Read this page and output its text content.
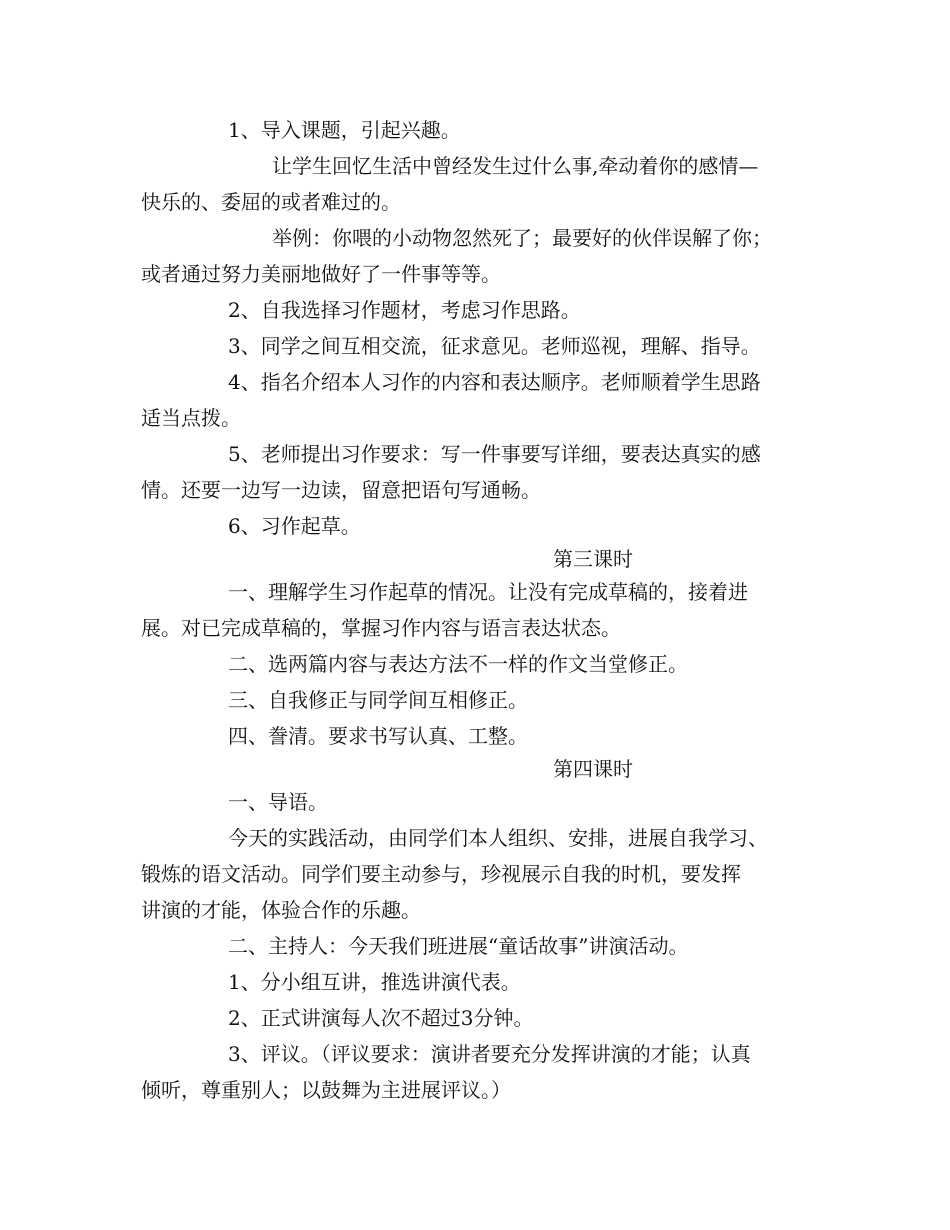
1、导入课题，引起兴趣。
让学生回忆生活中曾经发生过什么事,牵动着你的感情—
快乐的、委屈的或者难过的。
举例：你喂的小动物忽然死了；最要好的伙伴误解了你；
或者通过努力美丽地做好了一件事等等。
2、自我选择习作题材，考虑习作思路。
3、同学之间互相交流，征求意见。老师巡视，理解、指导。
4、指名介绍本人习作的内容和表达顺序。老师顺着学生思路
适当点拨。
5、老师提出习作要求：写一件事要写详细，要表达真实的感
情。还要一边写一边读，留意把语句写通畅。
6、习作起草。
第三课时
一、理解学生习作起草的情况。让没有完成草稿的，接着进
展。对已完成草稿的，掌握习作内容与语言表达状态。
二、选两篇内容与表达方法不一样的作文当堂修正。
三、自我修正与同学间互相修正。
四、誊清。要求书写认真、工整。
第四课时
一、导语。
今天的实践活动，由同学们本人组织、安排，进展自我学习、
锻炼的语文活动。同学们要主动参与，珍视展示自我的时机，要发挥
讲演的才能，体验合作的乐趣。
二、主持人：今天我们班进展“童话故事”讲演活动。
1、分小组互讲，推选讲演代表。
2、正式讲演每人次不超过3分钟。
3、评议。（评议要求：演讲者要充分发挥讲演的才能；认真
倾听，尊重别人；以鼓舞为主进展评议。）
